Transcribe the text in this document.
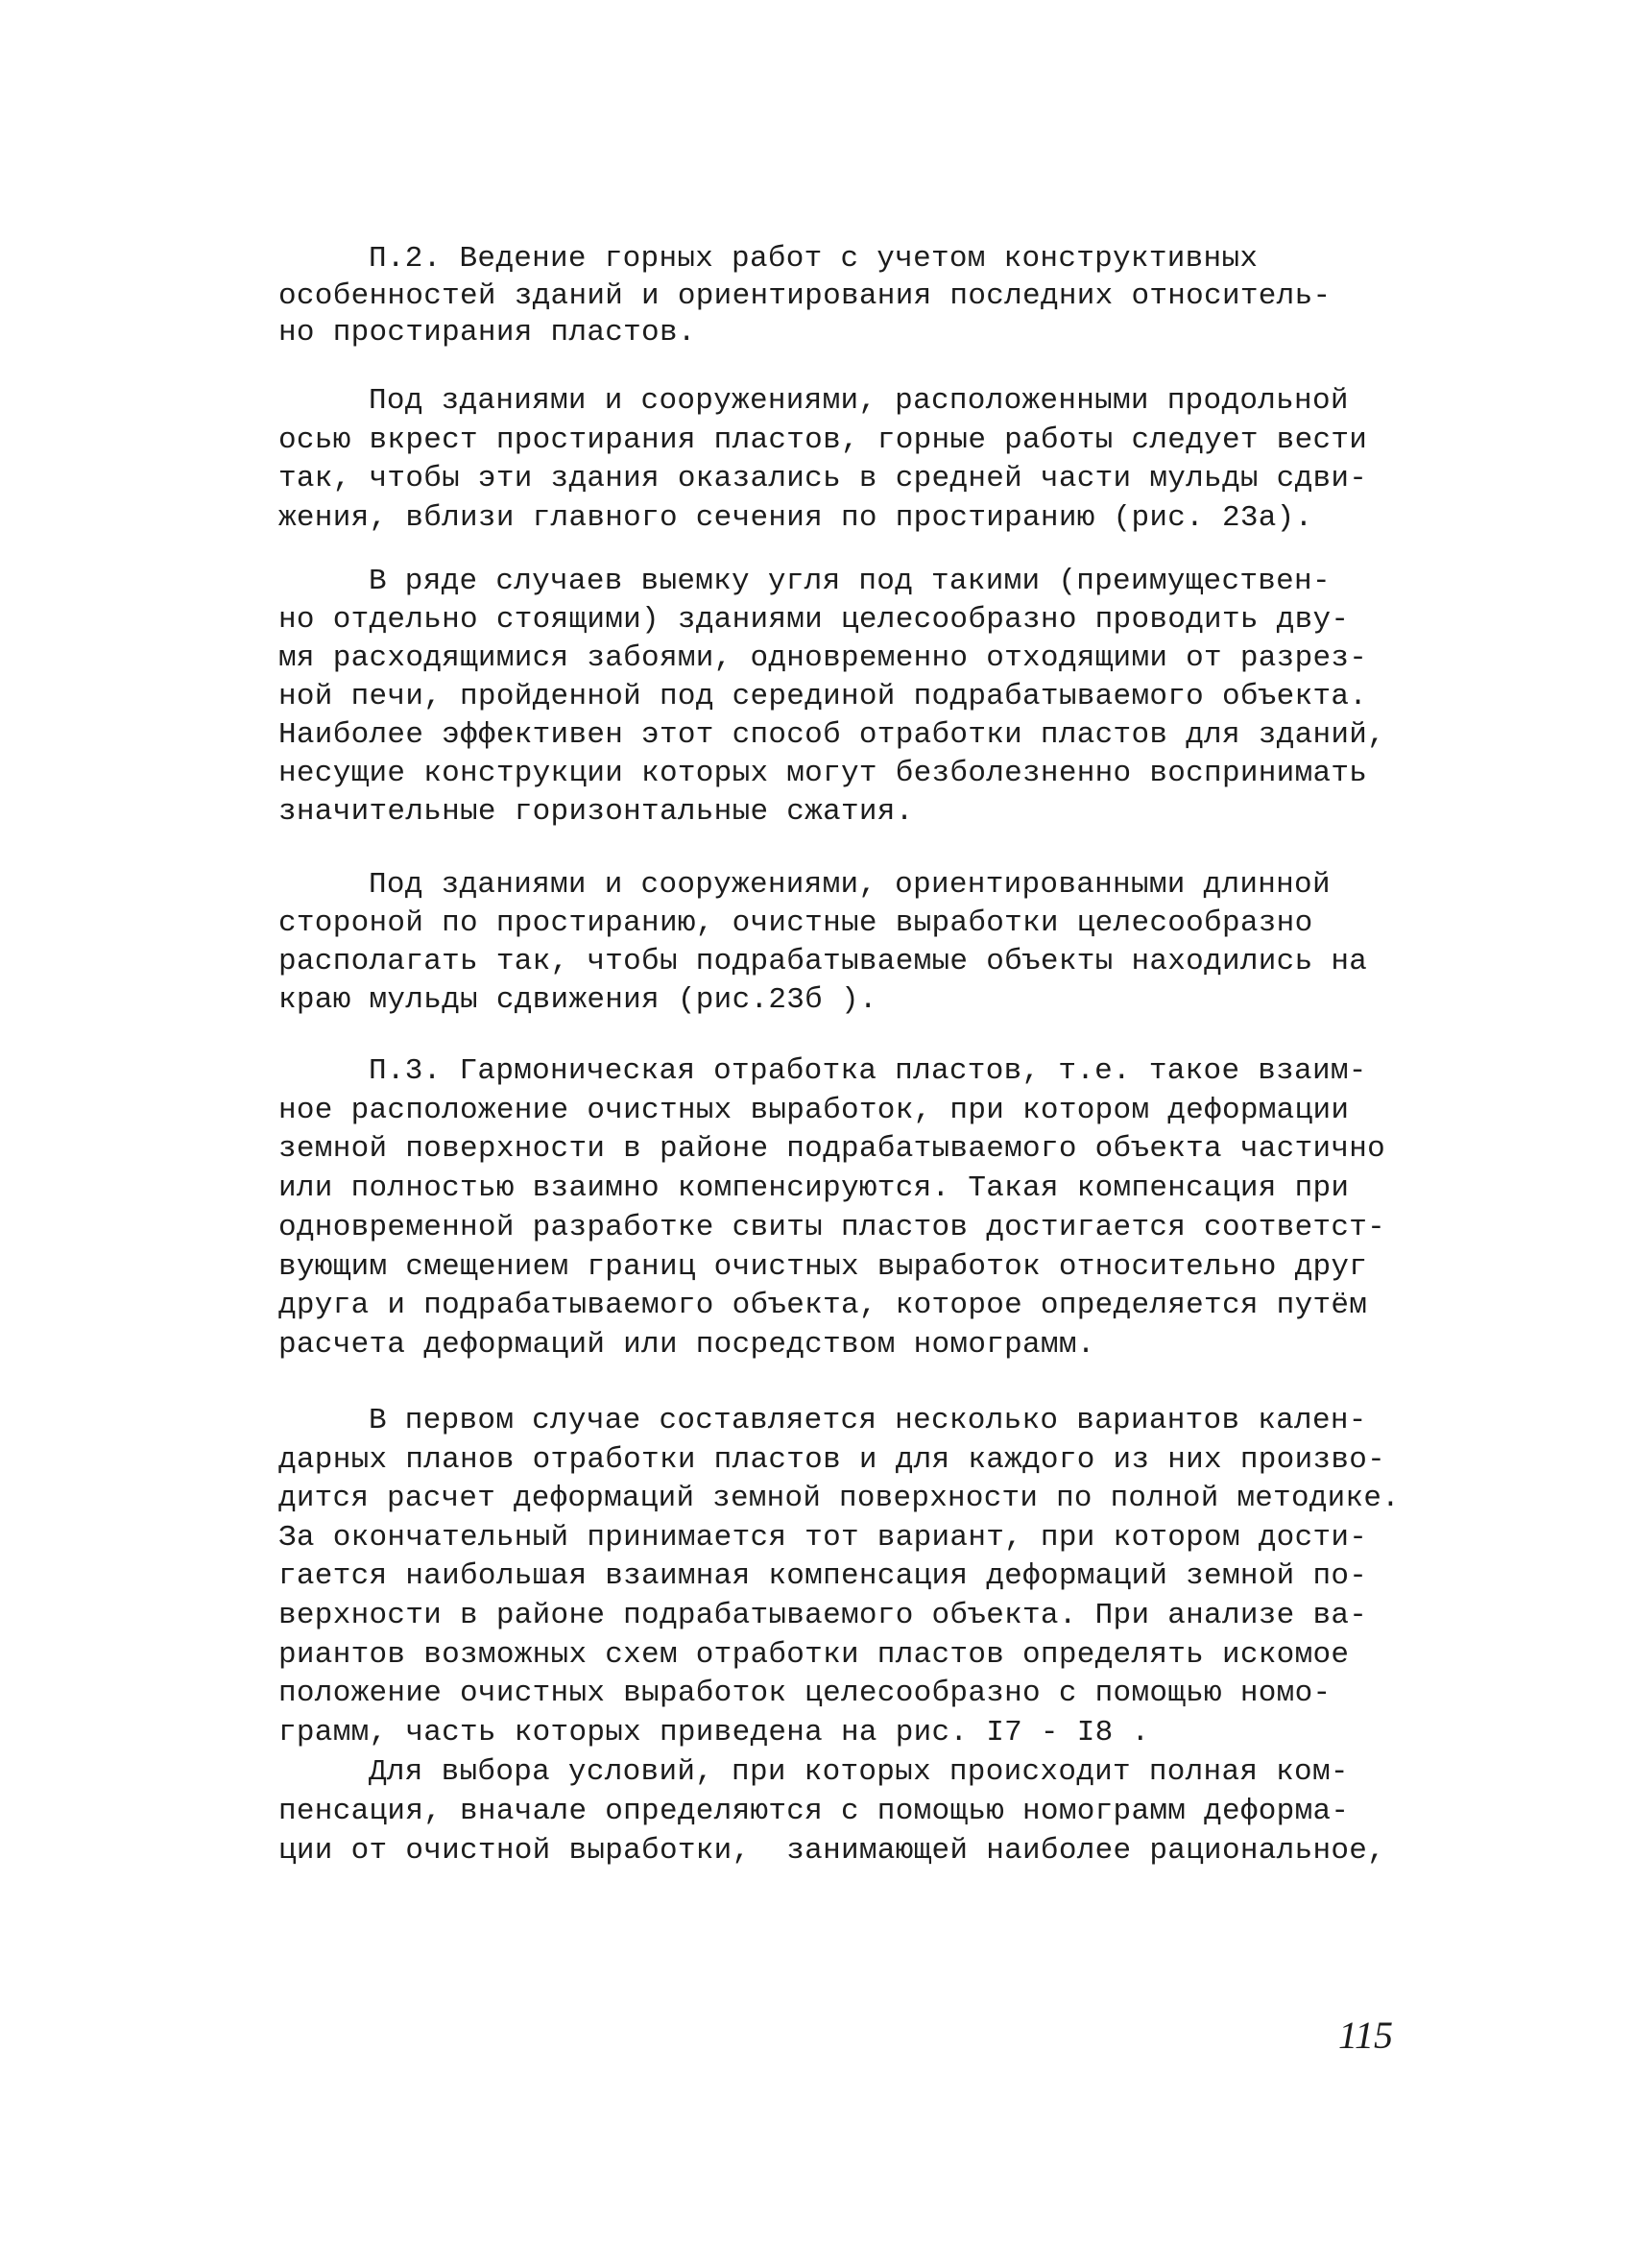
П.2. Ведение горных работ с учетом конструктивных
особенностей зданий и ориентирования последних относитель-
но простирания пластов.
Под зданиями и сооружениями, расположенными продольной
осью вкрест простирания пластов, горные работы следует вести
так, чтобы эти здания оказались в средней части мульды сдви-
жения, вблизи главного сечения по простиранию (рис. 23а).
В ряде случаев выемку угля под такими (преимуществен-
но отдельно стоящими) зданиями целесообразно проводить дву-
мя расходящимися забоями, одновременно отходящими от разрез-
ной печи, пройденной под серединой подрабатываемого объекта.
Наиболее эффективен этот способ отработки пластов для зданий,
несущие конструкции которых могут безболезненно воспринимать
значительные горизонтальные сжатия.
Под зданиями и сооружениями, ориентированными длинной
стороной по простиранию, очистные выработки целесообразно
располагать так, чтобы подрабатываемые объекты находились на
краю мульды сдвижения (рис.23б ).
П.3. Гармоническая отработка пластов, т.е. такое взаим-
ное расположение очистных выработок, при котором деформации
земной поверхности в районе подрабатываемого объекта частично
или полностью взаимно компенсируются. Такая компенсация при
одновременной разработке свиты пластов достигается соответст-
вующим смещением границ очистных выработок относительно друг
друга и подрабатываемого объекта, которое определяется путём
расчета деформаций или посредством номограмм.
В первом случае составляется несколько вариантов кален-
дарных планов отработки пластов и для каждого из них произво-
дится расчет деформаций земной поверхности по полной методике.
За окончательный принимается тот вариант, при котором дости-
гается наибольшая взаимная компенсация деформаций земной по-
верхности в районе подрабатываемого объекта. При анализе ва-
риантов возможных схем отработки пластов определять искомое
положение очистных выработок целесообразно с помощью номо-
грамм, часть которых приведена на рис. I7 - I8 .
Для выбора условий, при которых происходит полная ком-
пенсация, вначале определяются с помощью номограмм деформа-
ции от очистной выработки,  занимающей наиболее рациональное,
115
